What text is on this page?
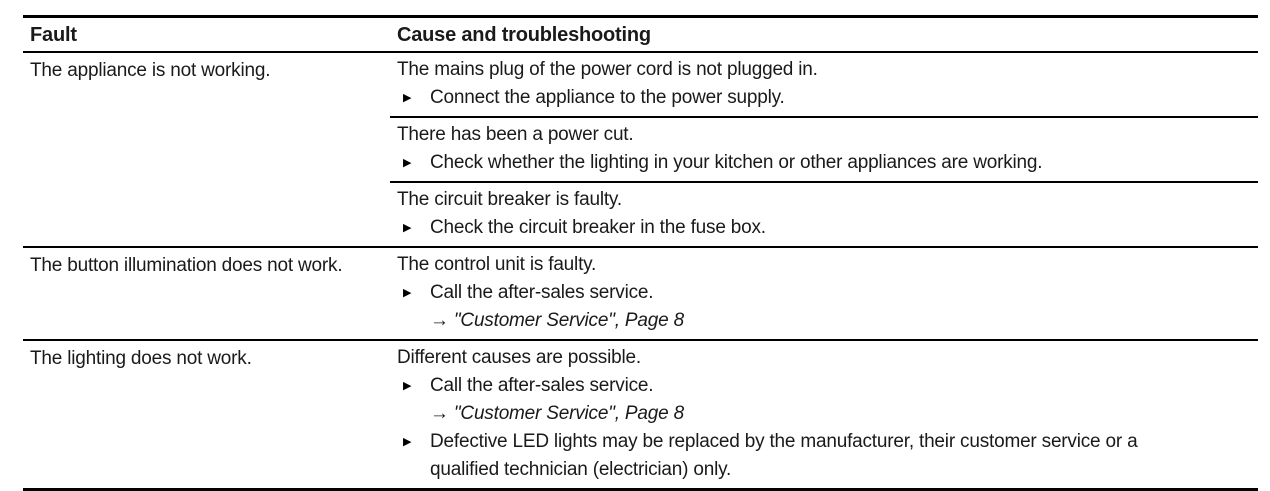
Fault	Cause and troubleshooting
The appliance is not working.	The mains plug of the power cord is not plugged in.
▶ Connect the appliance to the power supply.
There has been a power cut.
▶ Check whether the lighting in your kitchen or other appliances are working.
The circuit breaker is faulty.
▶ Check the circuit breaker in the fuse box.
The button illumination does not work.	The control unit is faulty.
▶ Call the after-sales service.
→ "Customer Service", Page 8
The lighting does not work.	Different causes are possible.
▶ Call the after-sales service.
→ "Customer Service", Page 8
▶ Defective LED lights may be replaced by the manufacturer, their customer service or a qualified technician (electrician) only.
